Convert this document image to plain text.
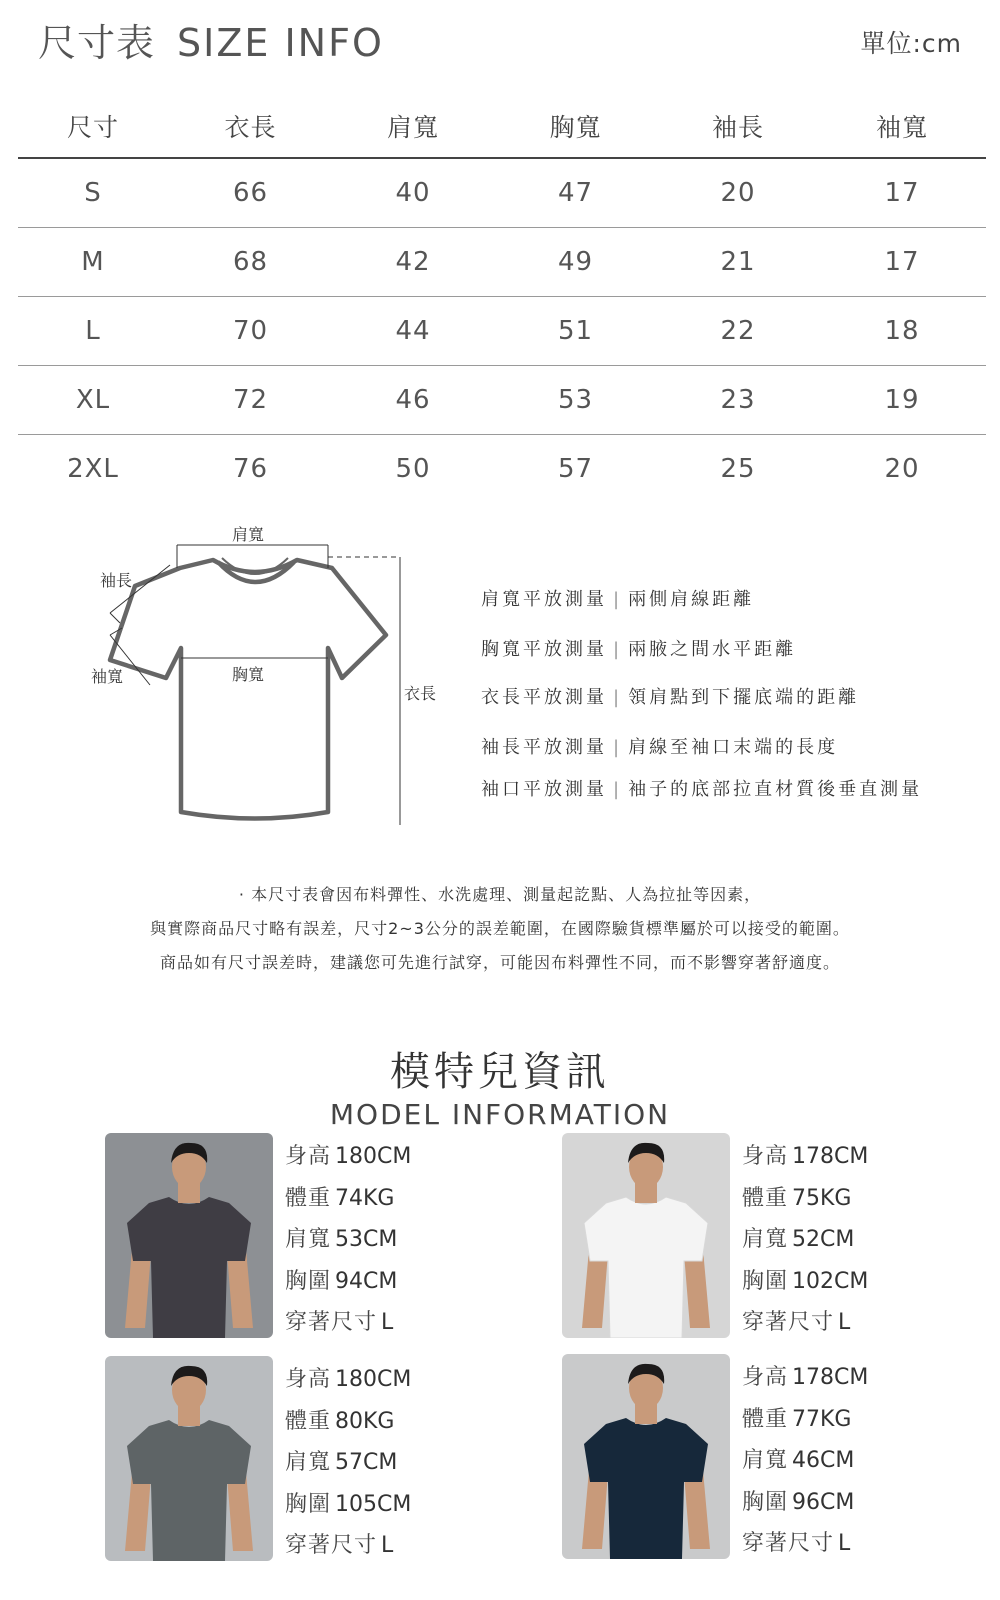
尺寸表 SIZE INFO	單位:cm
尺寸	衣長	肩寬	胸寬	袖長	袖寬
S	66	40	47	20	17
M	68	42	49	21	17
L	70	44	51	22	18
XL	72	46	53	23	19
2XL	76	50	57	25	20
肩寬
袖長
袖寬	胸寬
衣長
肩寬平放測量 | 兩側肩線距離
胸寬平放測量 | 兩腋之間水平距離
衣長平放測量 | 領肩點到下擺底端的距離
袖長平放測量 | 肩線至袖口末端的長度
袖口平放測量 | 袖子的底部拉直材質後垂直測量
· 本尺寸表會因布料彈性、水洗處理、測量起訖點、人為拉扯等因素，
與實際商品尺寸略有誤差，尺寸2~3公分的誤差範圍，在國際驗貨標準屬於可以接受的範圍。
商品如有尺寸誤差時，建議您可先進行試穿，可能因布料彈性不同，而不影響穿著舒適度。
模特兒資訊
MODEL INFORMATION
身高 180CM
體重 74KG
肩寬 53CM
胸圍 94CM
穿著尺寸 L
身高 178CM
體重 75KG
肩寬 52CM
胸圍 102CM
穿著尺寸 L
身高 180CM
體重 80KG
肩寬 57CM
胸圍 105CM
穿著尺寸 L
身高 178CM
體重 77KG
肩寬 46CM
胸圍 96CM
穿著尺寸 L
